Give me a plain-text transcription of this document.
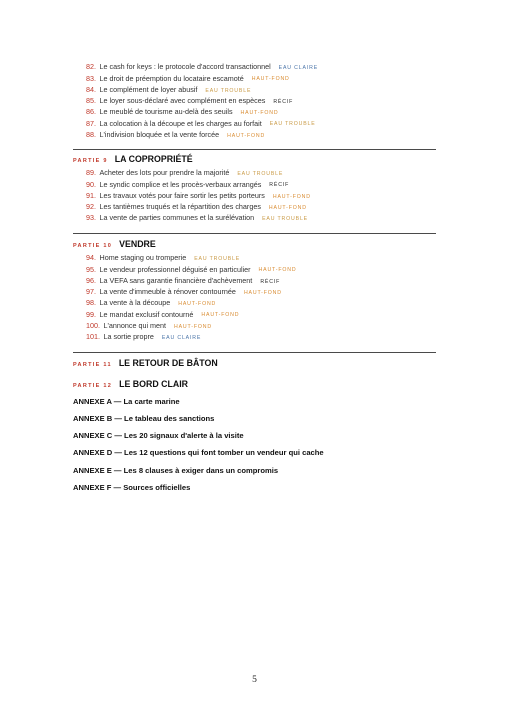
82. Le cash for keys : le protocole d'accord transactionnel EAU CLAIRE
83. Le droit de préemption du locataire escamoté HAUT-FOND
84. Le complément de loyer abusif EAU TROUBLE
85. Le loyer sous-déclaré avec complément en espèces RÉCIF
86. Le meublé de tourisme au-delà des seuils HAUT-FOND
87. La colocation à la découpe et les charges au forfait EAU TROUBLE
88. L'indivision bloquée et la vente forcée HAUT-FOND
PARTIE 9 LA COPROPRIÉTÉ
89. Acheter des lots pour prendre la majorité EAU TROUBLE
90. Le syndic complice et les procès-verbaux arrangés RÉCIF
91. Les travaux votés pour faire sortir les petits porteurs HAUT-FOND
92. Les tantièmes truqués et la répartition des charges HAUT-FOND
93. La vente de parties communes et la surélévation EAU TROUBLE
PARTIE 10 VENDRE
94. Home staging ou tromperie EAU TROUBLE
95. Le vendeur professionnel déguisé en particulier HAUT-FOND
96. La VEFA sans garantie financière d'achèvement RÉCIF
97. La vente d'immeuble à rénover contournée HAUT-FOND
98. La vente à la découpe HAUT-FOND
99. Le mandat exclusif contourné HAUT-FOND
100. L'annonce qui ment HAUT-FOND
101. La sortie propre EAU CLAIRE
PARTIE 11 LE RETOUR DE BÂTON
PARTIE 12 LE BORD CLAIR
ANNEXE A — La carte marine
ANNEXE B — Le tableau des sanctions
ANNEXE C — Les 20 signaux d'alerte à la visite
ANNEXE D — Les 12 questions qui font tomber un vendeur qui cache
ANNEXE E — Les 8 clauses à exiger dans un compromis
ANNEXE F — Sources officielles
5
